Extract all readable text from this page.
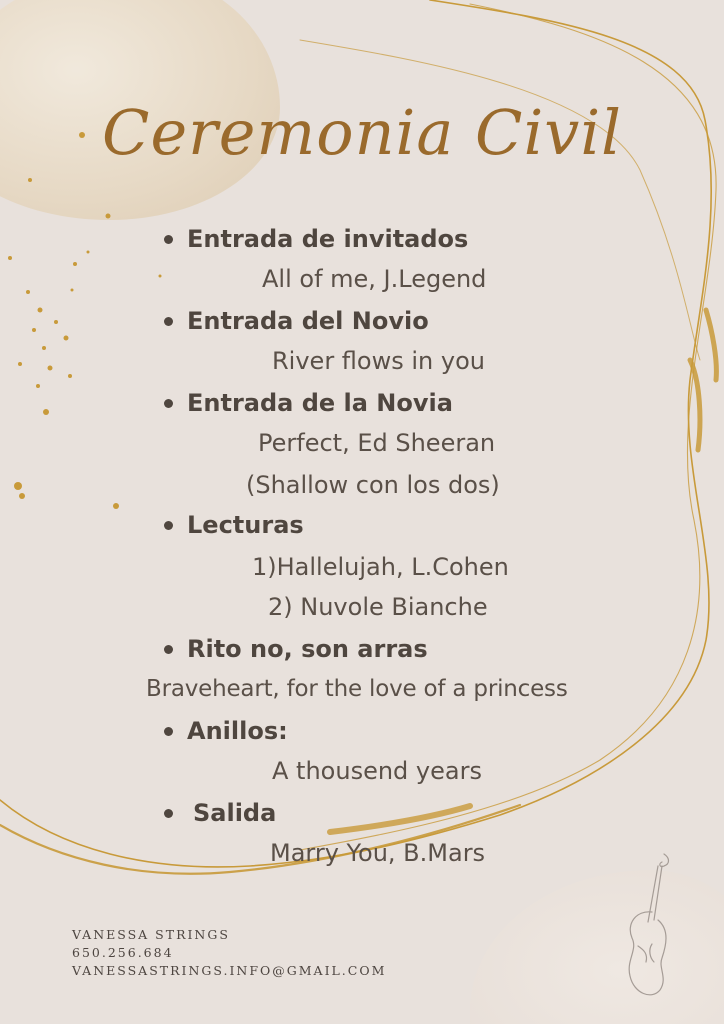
Ceremonia Civil
Entrada de invitados
All of me, J.Legend
Entrada del Novio
River flows in you
Entrada de la Novia
Perfect, Ed Sheeran
(Shallow con los dos)
Lecturas
1)Hallelujah, L.Cohen
2) Nuvole Bianche
Rito no, son arras
Braveheart, for the love of a princess
Anillos:
A thousend years
Salida
Marry You, B.Mars
VANESSA STRINGS
650.256.684
VANESSASTRINGS.INFO@GMAIL.COM
